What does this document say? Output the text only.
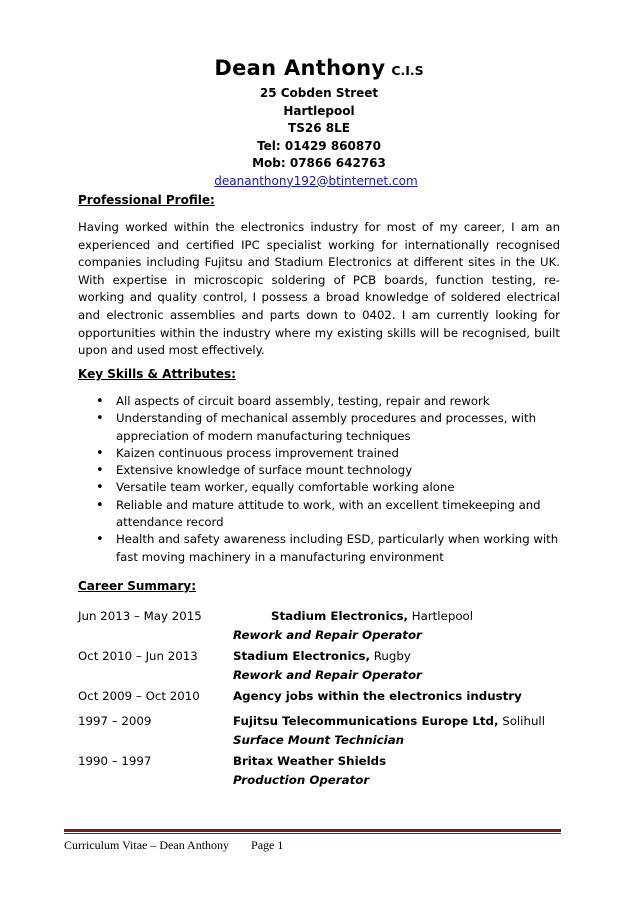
Dean Anthony C.I.S
25 Cobden Street
Hartlepool
TS26 8LE
Tel: 01429 860870
Mob: 07866 642763
deananthony192@btinternet.com
Professional Profile:
Having worked within the electronics industry for most of my career, I am an experienced and certified IPC specialist working for internationally recognised companies including Fujitsu and Stadium Electronics at different sites in the UK. With expertise in microscopic soldering of PCB boards, function testing, re-working and quality control, I possess a broad knowledge of soldered electrical and electronic assemblies and parts down to 0402. I am currently looking for opportunities within the industry where my existing skills will be recognised, built upon and used most effectively.
Key Skills & Attributes:
• All aspects of circuit board assembly, testing, repair and rework
• Understanding of mechanical assembly procedures and processes, with appreciation of modern manufacturing techniques
• Kaizen continuous process improvement trained
• Extensive knowledge of surface mount technology
• Versatile team worker, equally comfortable working alone
• Reliable and mature attitude to work, with an excellent timekeeping and attendance record
• Health and safety awareness including ESD, particularly when working with fast moving machinery in a manufacturing environment
Career Summary:
Jun 2013 – May 2015	Stadium Electronics, Hartlepool
Rework and Repair Operator
Oct 2010 – Jun 2013	Stadium Electronics, Rugby
Rework and Repair Operator
Oct 2009 – Oct 2010	Agency jobs within the electronics industry
1997 – 2009	Fujitsu Telecommunications Europe Ltd, Solihull
Surface Mount Technician
1990 – 1997	Britax Weather Shields
Production Operator
Curriculum Vitae – Dean Anthony Page 1
